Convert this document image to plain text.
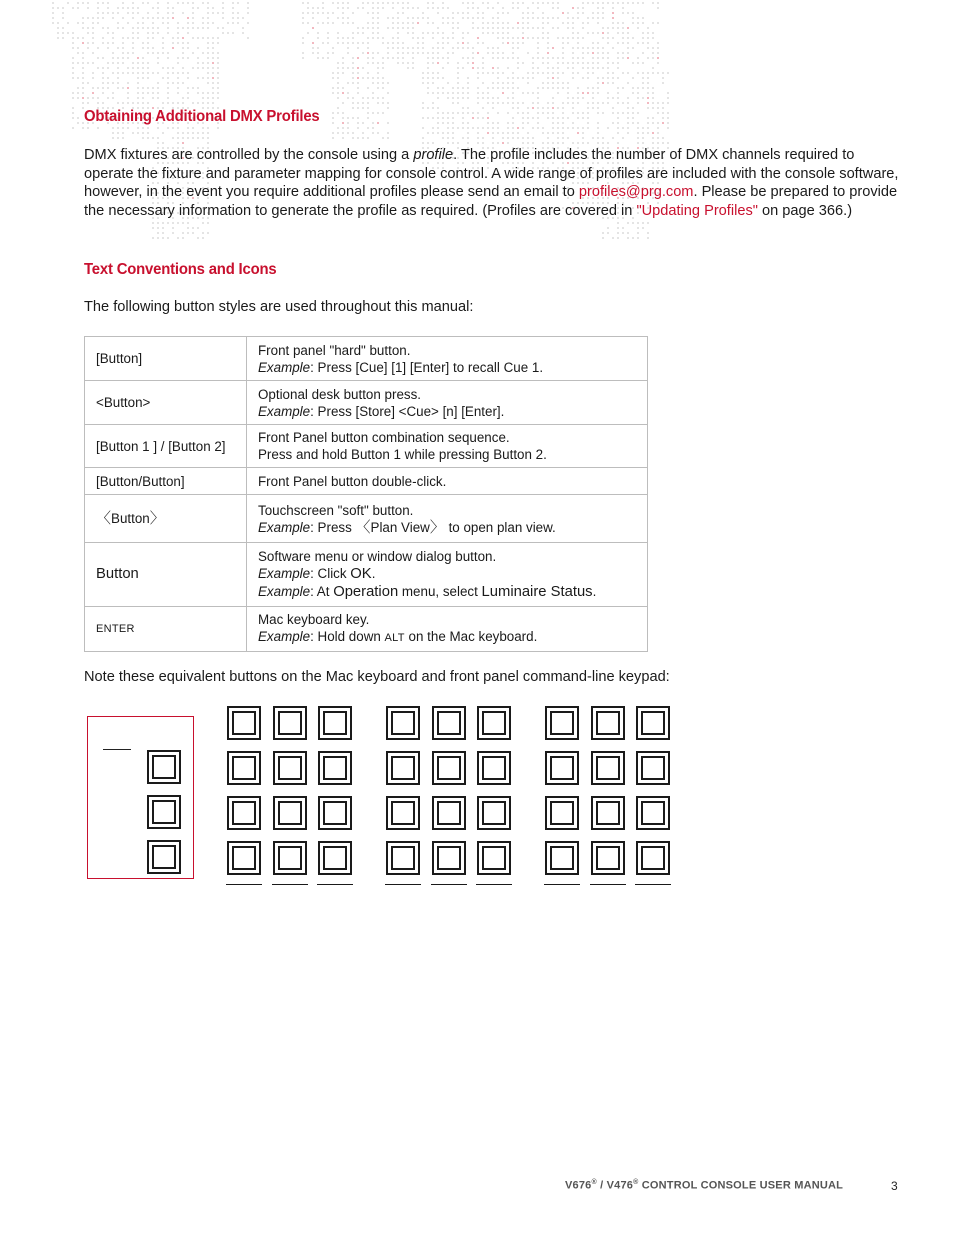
Obtaining Additional DMX Profiles

DMX fixtures are controlled by the console using a profile. The profile includes the number of DMX channels required to operate the fixture and parameter mapping for console control. A wide range of profiles are included with the console software, however, in the event you require additional profiles please send an email to profiles@prg.com. Please be prepared to provide the necessary information to generate the profile as required. (Profiles are covered in "Updating Profiles" on page 366.)

Text Conventions and Icons

The following button styles are used throughout this manual:

[Button]	Front panel "hard" button.
Example: Press [Cue] [1] [Enter] to recall Cue 1.
<Button>	Optional desk button press.
Example: Press [Store] <Cue> [n] [Enter].
[Button 1 ] / [Button 2]	Front Panel button combination sequence.
Press and hold Button 1 while pressing Button 2.
[Button/Button]	Front Panel button double-click.
〈Button〉	Touchscreen "soft" button.
Example: Press 〈Plan View〉 to open plan view.
Button	Software menu or window dialog button.
Example: Click OK.
Example: At Operation menu, select Luminaire Status.
ENTER	Mac keyboard key.
Example: Hold down ALT on the Mac keyboard.

Note these equivalent buttons on the Mac keyboard and front panel command-line keypad:

V676® / V476® CONTROL CONSOLE USER MANUAL	3
